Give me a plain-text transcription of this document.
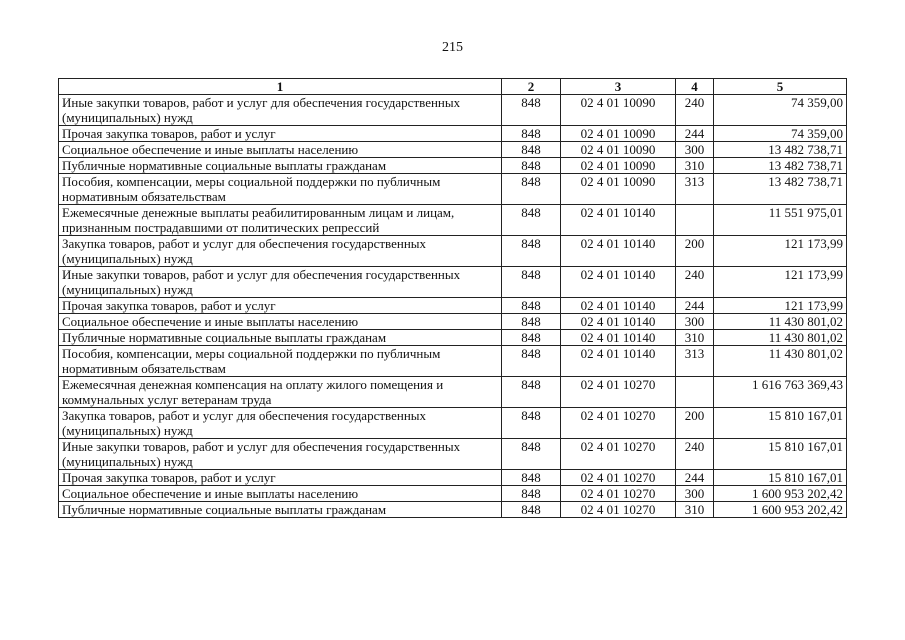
215
1	2	3	4	5
Иные закупки товаров, работ и услуг для обеспечения государственных (муниципальных) нужд	848	02 4 01 10090	240	74 359,00
Прочая закупка товаров, работ и услуг	848	02 4 01 10090	244	74 359,00
Социальное обеспечение и иные выплаты населению	848	02 4 01 10090	300	13 482 738,71
Публичные нормативные социальные выплаты гражданам	848	02 4 01 10090	310	13 482 738,71
Пособия, компенсации, меры социальной поддержки по публичным нормативным обязательствам	848	02 4 01 10090	313	13 482 738,71
Ежемесячные денежные выплаты реабилитированным лицам и лицам, признанным пострадавшими от политических репрессий	848	02 4 01 10140		11 551 975,01
Закупка товаров, работ и услуг для обеспечения государственных (муниципальных) нужд	848	02 4 01 10140	200	121 173,99
Иные закупки товаров, работ и услуг для обеспечения государственных (муниципальных) нужд	848	02 4 01 10140	240	121 173,99
Прочая закупка товаров, работ и услуг	848	02 4 01 10140	244	121 173,99
Социальное обеспечение и иные выплаты населению	848	02 4 01 10140	300	11 430 801,02
Публичные нормативные социальные выплаты гражданам	848	02 4 01 10140	310	11 430 801,02
Пособия, компенсации, меры социальной поддержки по публичным нормативным обязательствам	848	02 4 01 10140	313	11 430 801,02
Ежемесячная денежная компенсация на оплату жилого помещения и коммунальных услуг ветеранам труда	848	02 4 01 10270		1 616 763 369,43
Закупка товаров, работ и услуг для обеспечения государственных (муниципальных) нужд	848	02 4 01 10270	200	15 810 167,01
Иные закупки товаров, работ и услуг для обеспечения государственных (муниципальных) нужд	848	02 4 01 10270	240	15 810 167,01
Прочая закупка товаров, работ и услуг	848	02 4 01 10270	244	15 810 167,01
Социальное обеспечение и иные выплаты населению	848	02 4 01 10270	300	1 600 953 202,42
Публичные нормативные социальные выплаты гражданам	848	02 4 01 10270	310	1 600 953 202,42
